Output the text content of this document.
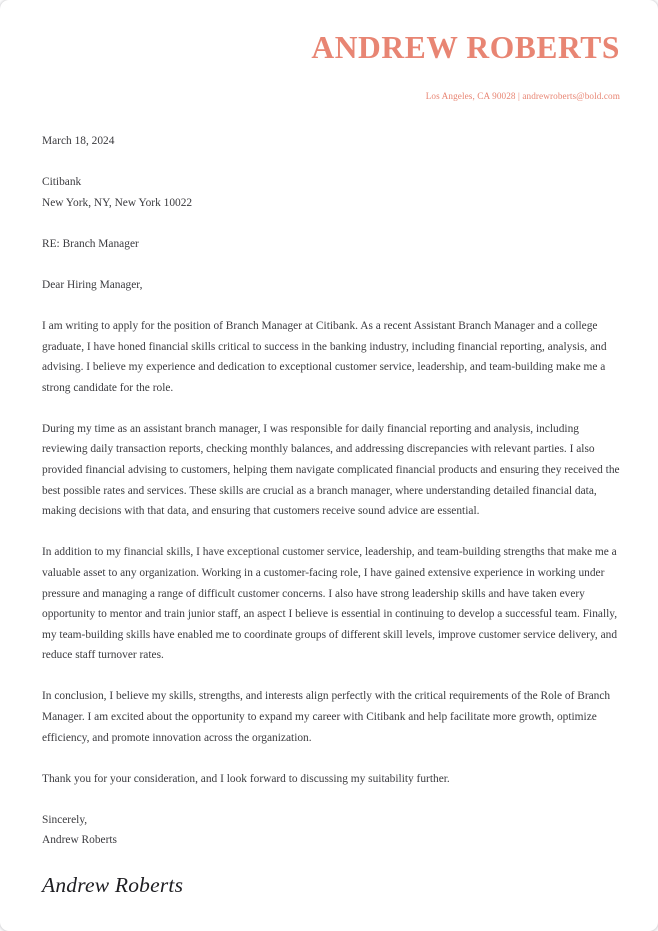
ANDREW ROBERTS
Los Angeles, CA 90028 | andrewroberts@bold.com
March 18, 2024
Citibank
New York, NY, New York 10022
RE: Branch Manager
Dear Hiring Manager,

I am writing to apply for the position of Branch Manager at Citibank. As a recent Assistant Branch Manager and a college graduate, I have honed financial skills critical to success in the banking industry, including financial reporting, analysis, and advising. I believe my experience and dedication to exceptional customer service, leadership, and team-building make me a strong candidate for the role.

During my time as an assistant branch manager, I was responsible for daily financial reporting and analysis, including reviewing daily transaction reports, checking monthly balances, and addressing discrepancies with relevant parties. I also provided financial advising to customers, helping them navigate complicated financial products and ensuring they received the best possible rates and services. These skills are crucial as a branch manager, where understanding detailed financial data, making decisions with that data, and ensuring that customers receive sound advice are essential.

In addition to my financial skills, I have exceptional customer service, leadership, and team-building strengths that make me a valuable asset to any organization. Working in a customer-facing role, I have gained extensive experience in working under pressure and managing a range of difficult customer concerns. I also have strong leadership skills and have taken every opportunity to mentor and train junior staff, an aspect I believe is essential in continuing to develop a successful team. Finally, my team-building skills have enabled me to coordinate groups of different skill levels, improve customer service delivery, and reduce staff turnover rates.

In conclusion, I believe my skills, strengths, and interests align perfectly with the critical requirements of the Role of Branch Manager. I am excited about the opportunity to expand my career with Citibank and help facilitate more growth, optimize efficiency, and promote innovation across the organization.

Thank you for your consideration, and I look forward to discussing my suitability further.

Sincerely,
Andrew Roberts
Andrew Roberts
